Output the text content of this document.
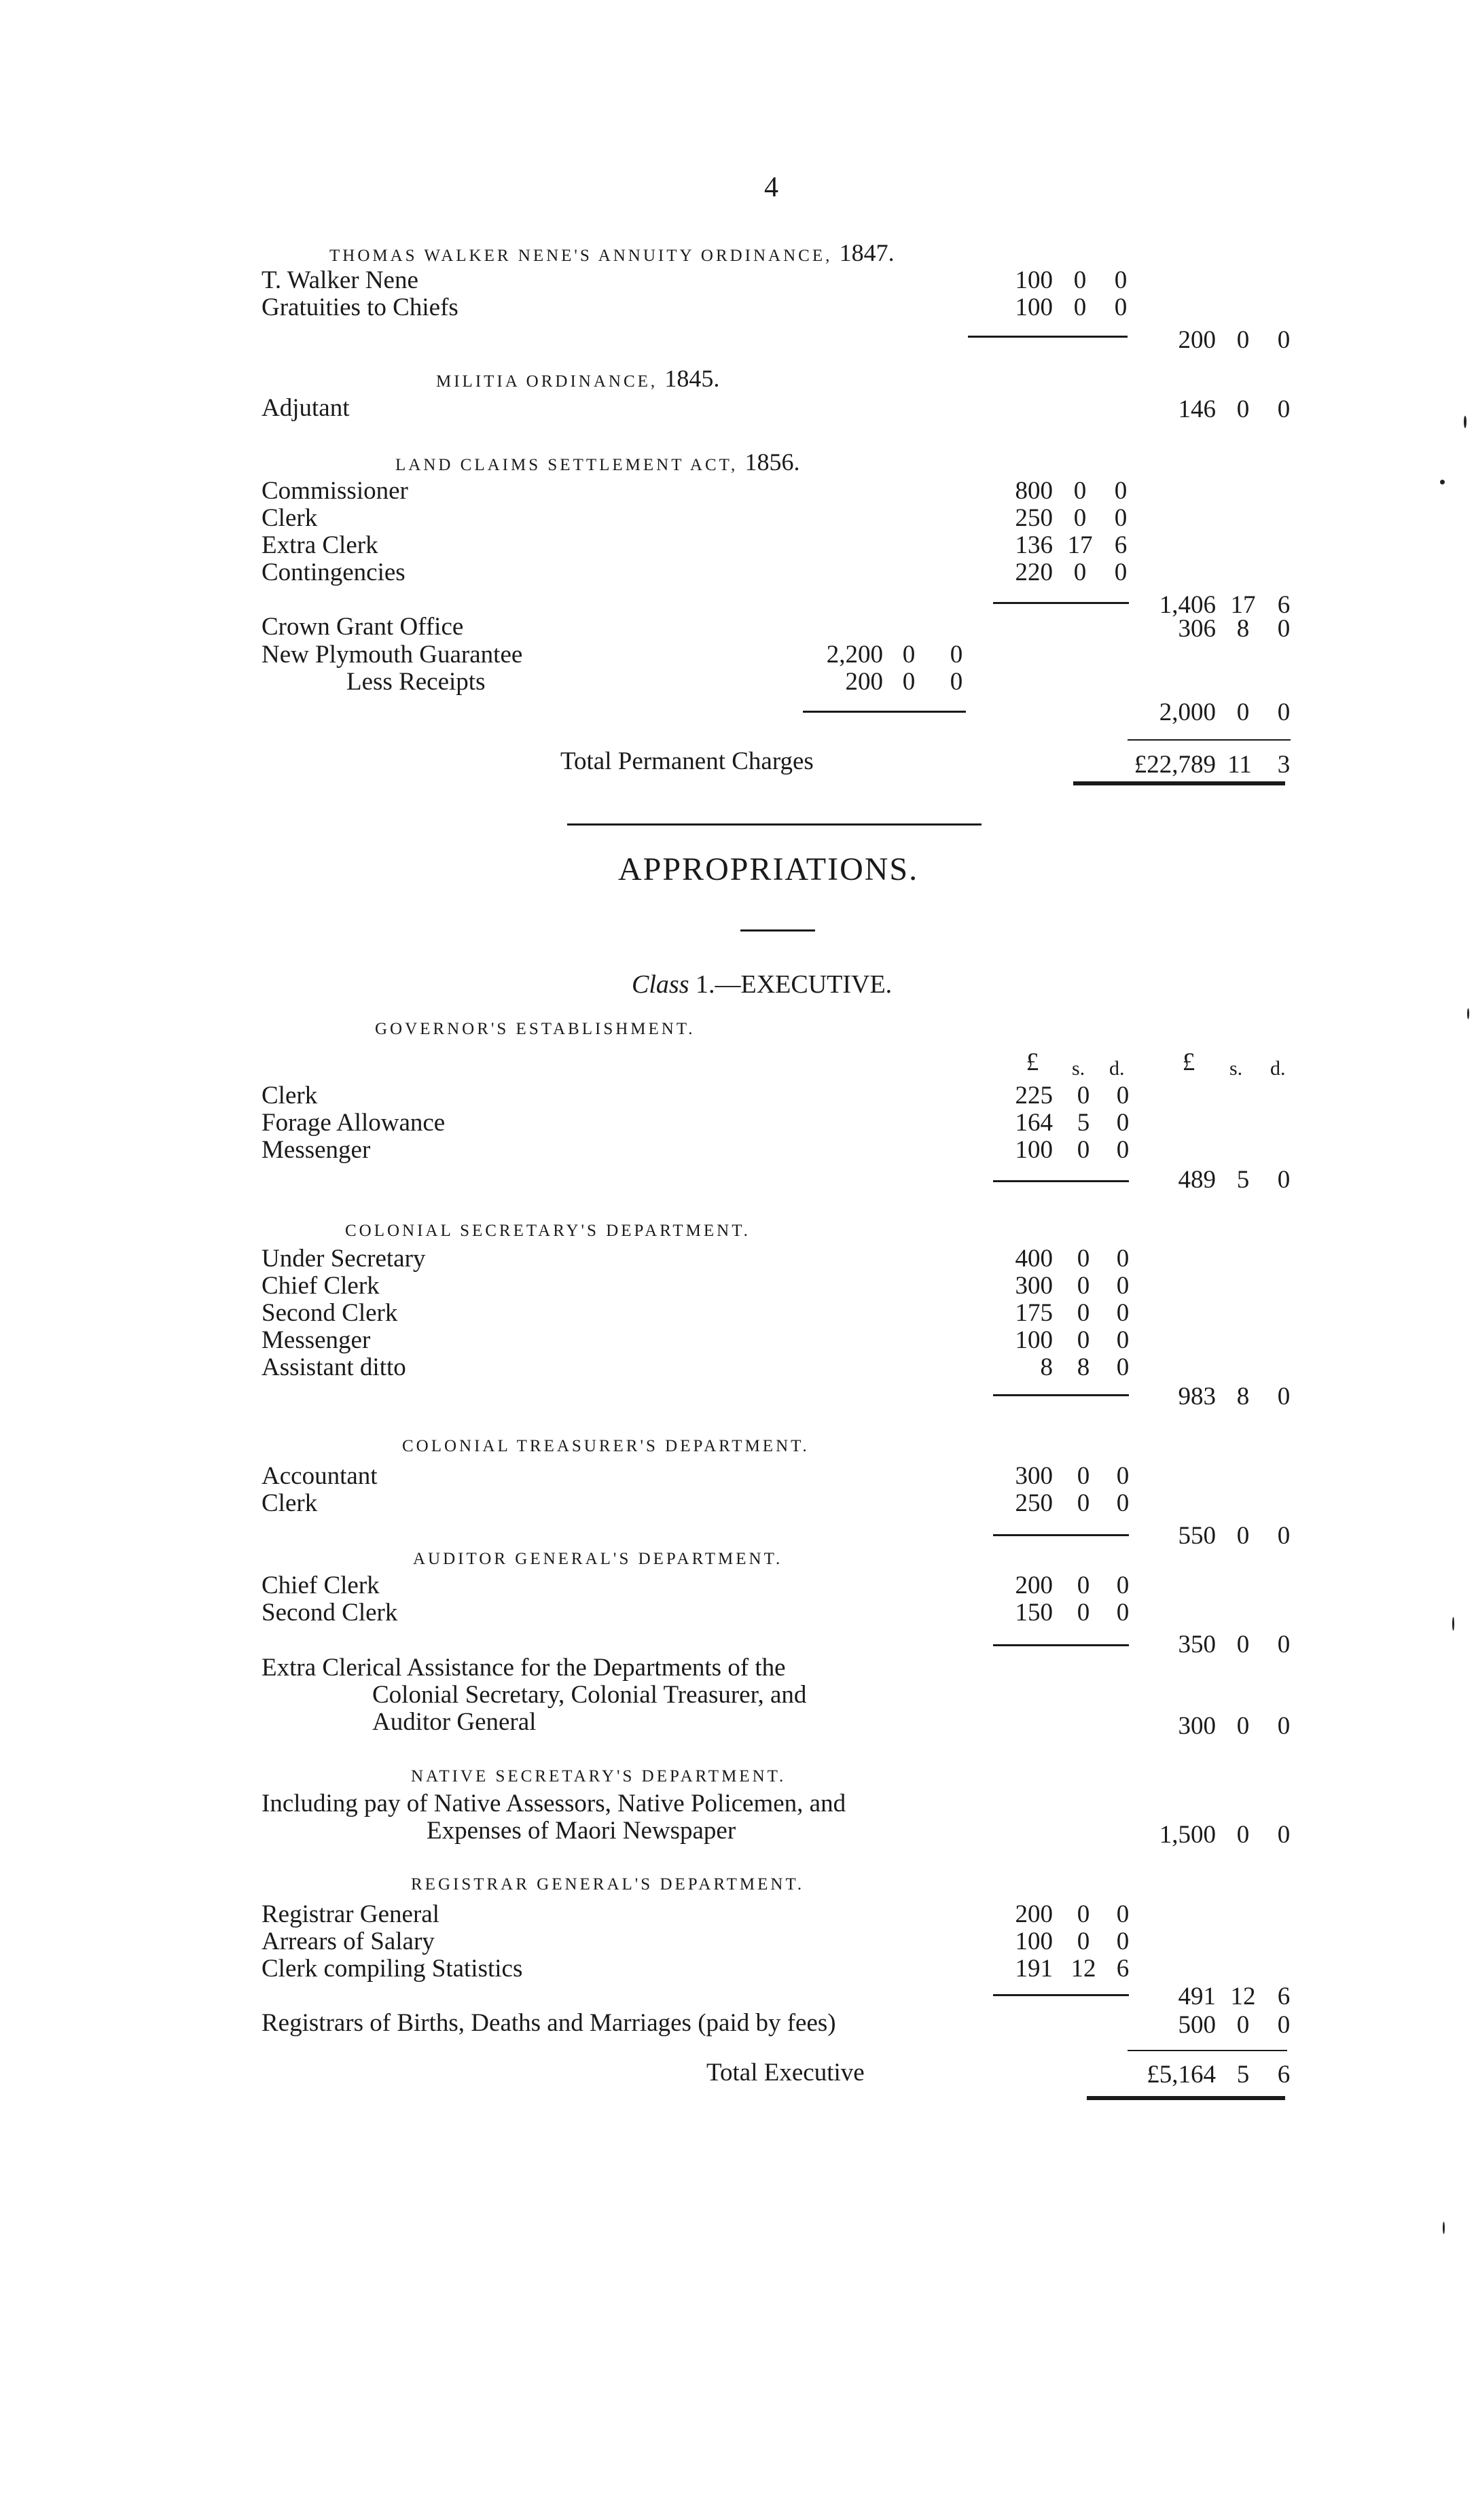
4
THOMAS WALKER NENE'S ANNUITY ORDINANCE, 1847.
T. Walker Nene	100 0	0
Gratuities to Chiefs	100 0	0
200 0	0
MILITIA ORDINANCE, 1845.
Adjutant	146 0	0
LAND CLAIMS SETTLEMENT ACT, 1856.
Commissioner	800 0	0
Clerk	250 0	0
Extra Clerk	136 17 6
Contingencies	220 0	0
1,406 17 6
Crown Grant Office	306 8	0
New Plymouth Guarantee	2,200 0 0
Less Receipts	200 0 0
2,000 0	0
Total Permanent Charges	£22,789 11	3
APPROPRIATIONS.
Class 1.—EXECUTIVE.
GOVERNOR'S ESTABLISHMENT.
£	s. d.	£	s. d.
Clerk	225 0	0
Forage Allowance	164 5	0
Messenger	100 0	0
489 5	0
COLONIAL SECRETARY'S DEPARTMENT.
Under Secretary	400 0	0
Chief Clerk	300 0	0
Second Clerk	175 0	0
Messenger	100 0	0
Assistant ditto	8 8	0
983 8	0
COLONIAL TREASURER'S DEPARTMENT.
Accountant	300 0	0
Clerk	250 0	0
550 0	0
AUDITOR GENERAL'S DEPARTMENT.
Chief Clerk	200 0	0
Second Clerk	150 0	0
350 0	0
Extra Clerical Assistance for the Departments of the
Colonial Secretary, Colonial Treasurer, and
Auditor General	300 0	0
NATIVE SECRETARY'S DEPARTMENT.
Including pay of Native Assessors, Native Policemen, and
Expenses of Maori Newspaper	1,500 0	0
REGISTRAR GENERAL'S DEPARTMENT.
Registrar General	200 0	0
Arrears of Salary	100 0	0
Clerk compiling Statistics	191 12 6
491 12 6
Registrars of Births, Deaths and Marriages (paid by fees)	500 0	0
Total Executive	£5,164 5	6
